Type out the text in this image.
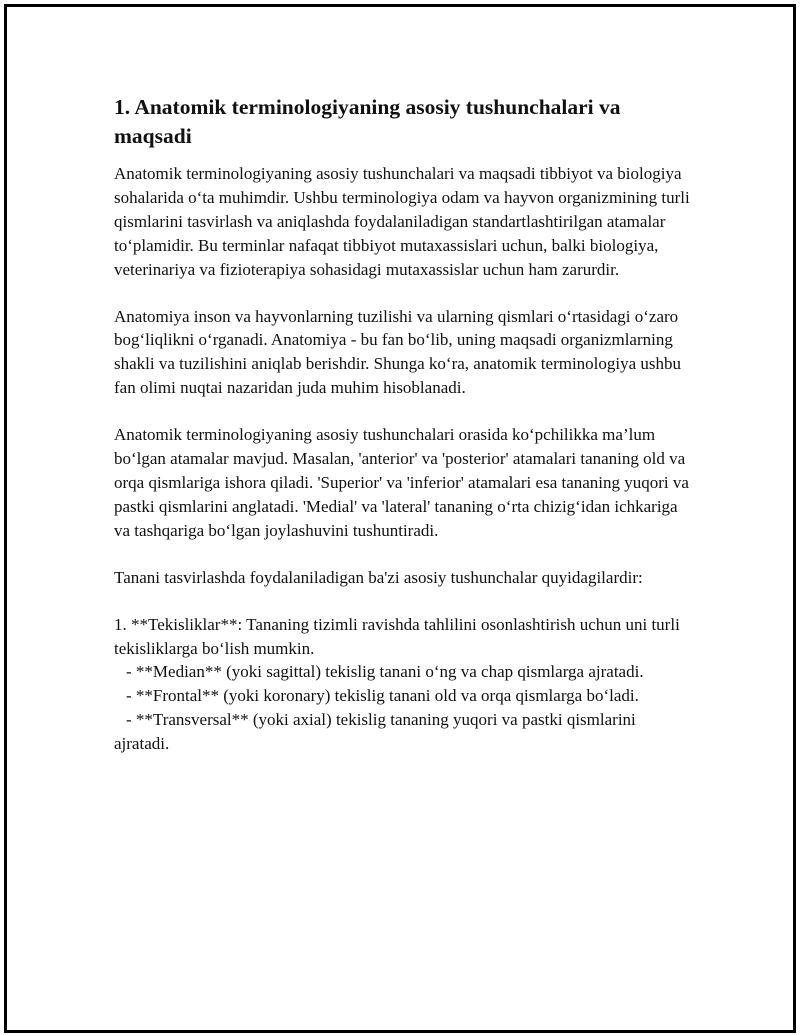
1. Anatomik terminologiyaning asosiy tushunchalari va maqsadi

Anatomik terminologiyaning asosiy tushunchalari va maqsadi tibbiyot va biologiya sohalarida o‘ta muhimdir. Ushbu terminologiya odam va hayvon organizmining turli qismlarini tasvirlash va aniqlashda foydalaniladigan standartlashtirilgan atamalar to‘plamidir. Bu terminlar nafaqat tibbiyot mutaxassislari uchun, balki biologiya, veterinariya va fizioterapiya sohasidagi mutaxassislar uchun ham zarurdir.

Anatomiya inson va hayvonlarning tuzilishi va ularning qismlari o‘rtasidagi o‘zaro bog‘liqlikni o‘rganadi. Anatomiya - bu fan bo‘lib, uning maqsadi organizmlarning shakli va tuzilishini aniqlab berishdir. Shunga ko‘ra, anatomik terminologiya ushbu fan olimi nuqtai nazaridan juda muhim hisoblanadi.

Anatomik terminologiyaning asosiy tushunchalari orasida ko‘pchilikka ma’lum bo‘lgan atamalar mavjud. Masalan, 'anterior' va 'posterior' atamalari tananing old va orqa qismlariga ishora qiladi. 'Superior' va 'inferior' atamalari esa tananing yuqori va pastki qismlarini anglatadi. 'Medial' va 'lateral' tananing o‘rta chizig‘idan ichkariga va tashqariga bo‘lgan joylashuvini tushuntiradi.

Tanani tasvirlashda foydalaniladigan ba'zi asosiy tushunchalar quyidagilardir:

1. **Tekisliklar**: Tananing tizimli ravishda tahlilini osonlashtirish uchun uni turli tekisliklarga bo‘lish mumkin.

- **Median** (yoki sagittal) tekislig tanani o‘ng va chap qismlarga ajratadi.

- **Frontal** (yoki koronary) tekislig tanani old va orqa qismlarga bo‘ladi.

- **Transversal** (yoki axial) tekislig tananing yuqori va pastki qismlarini ajratadi.
